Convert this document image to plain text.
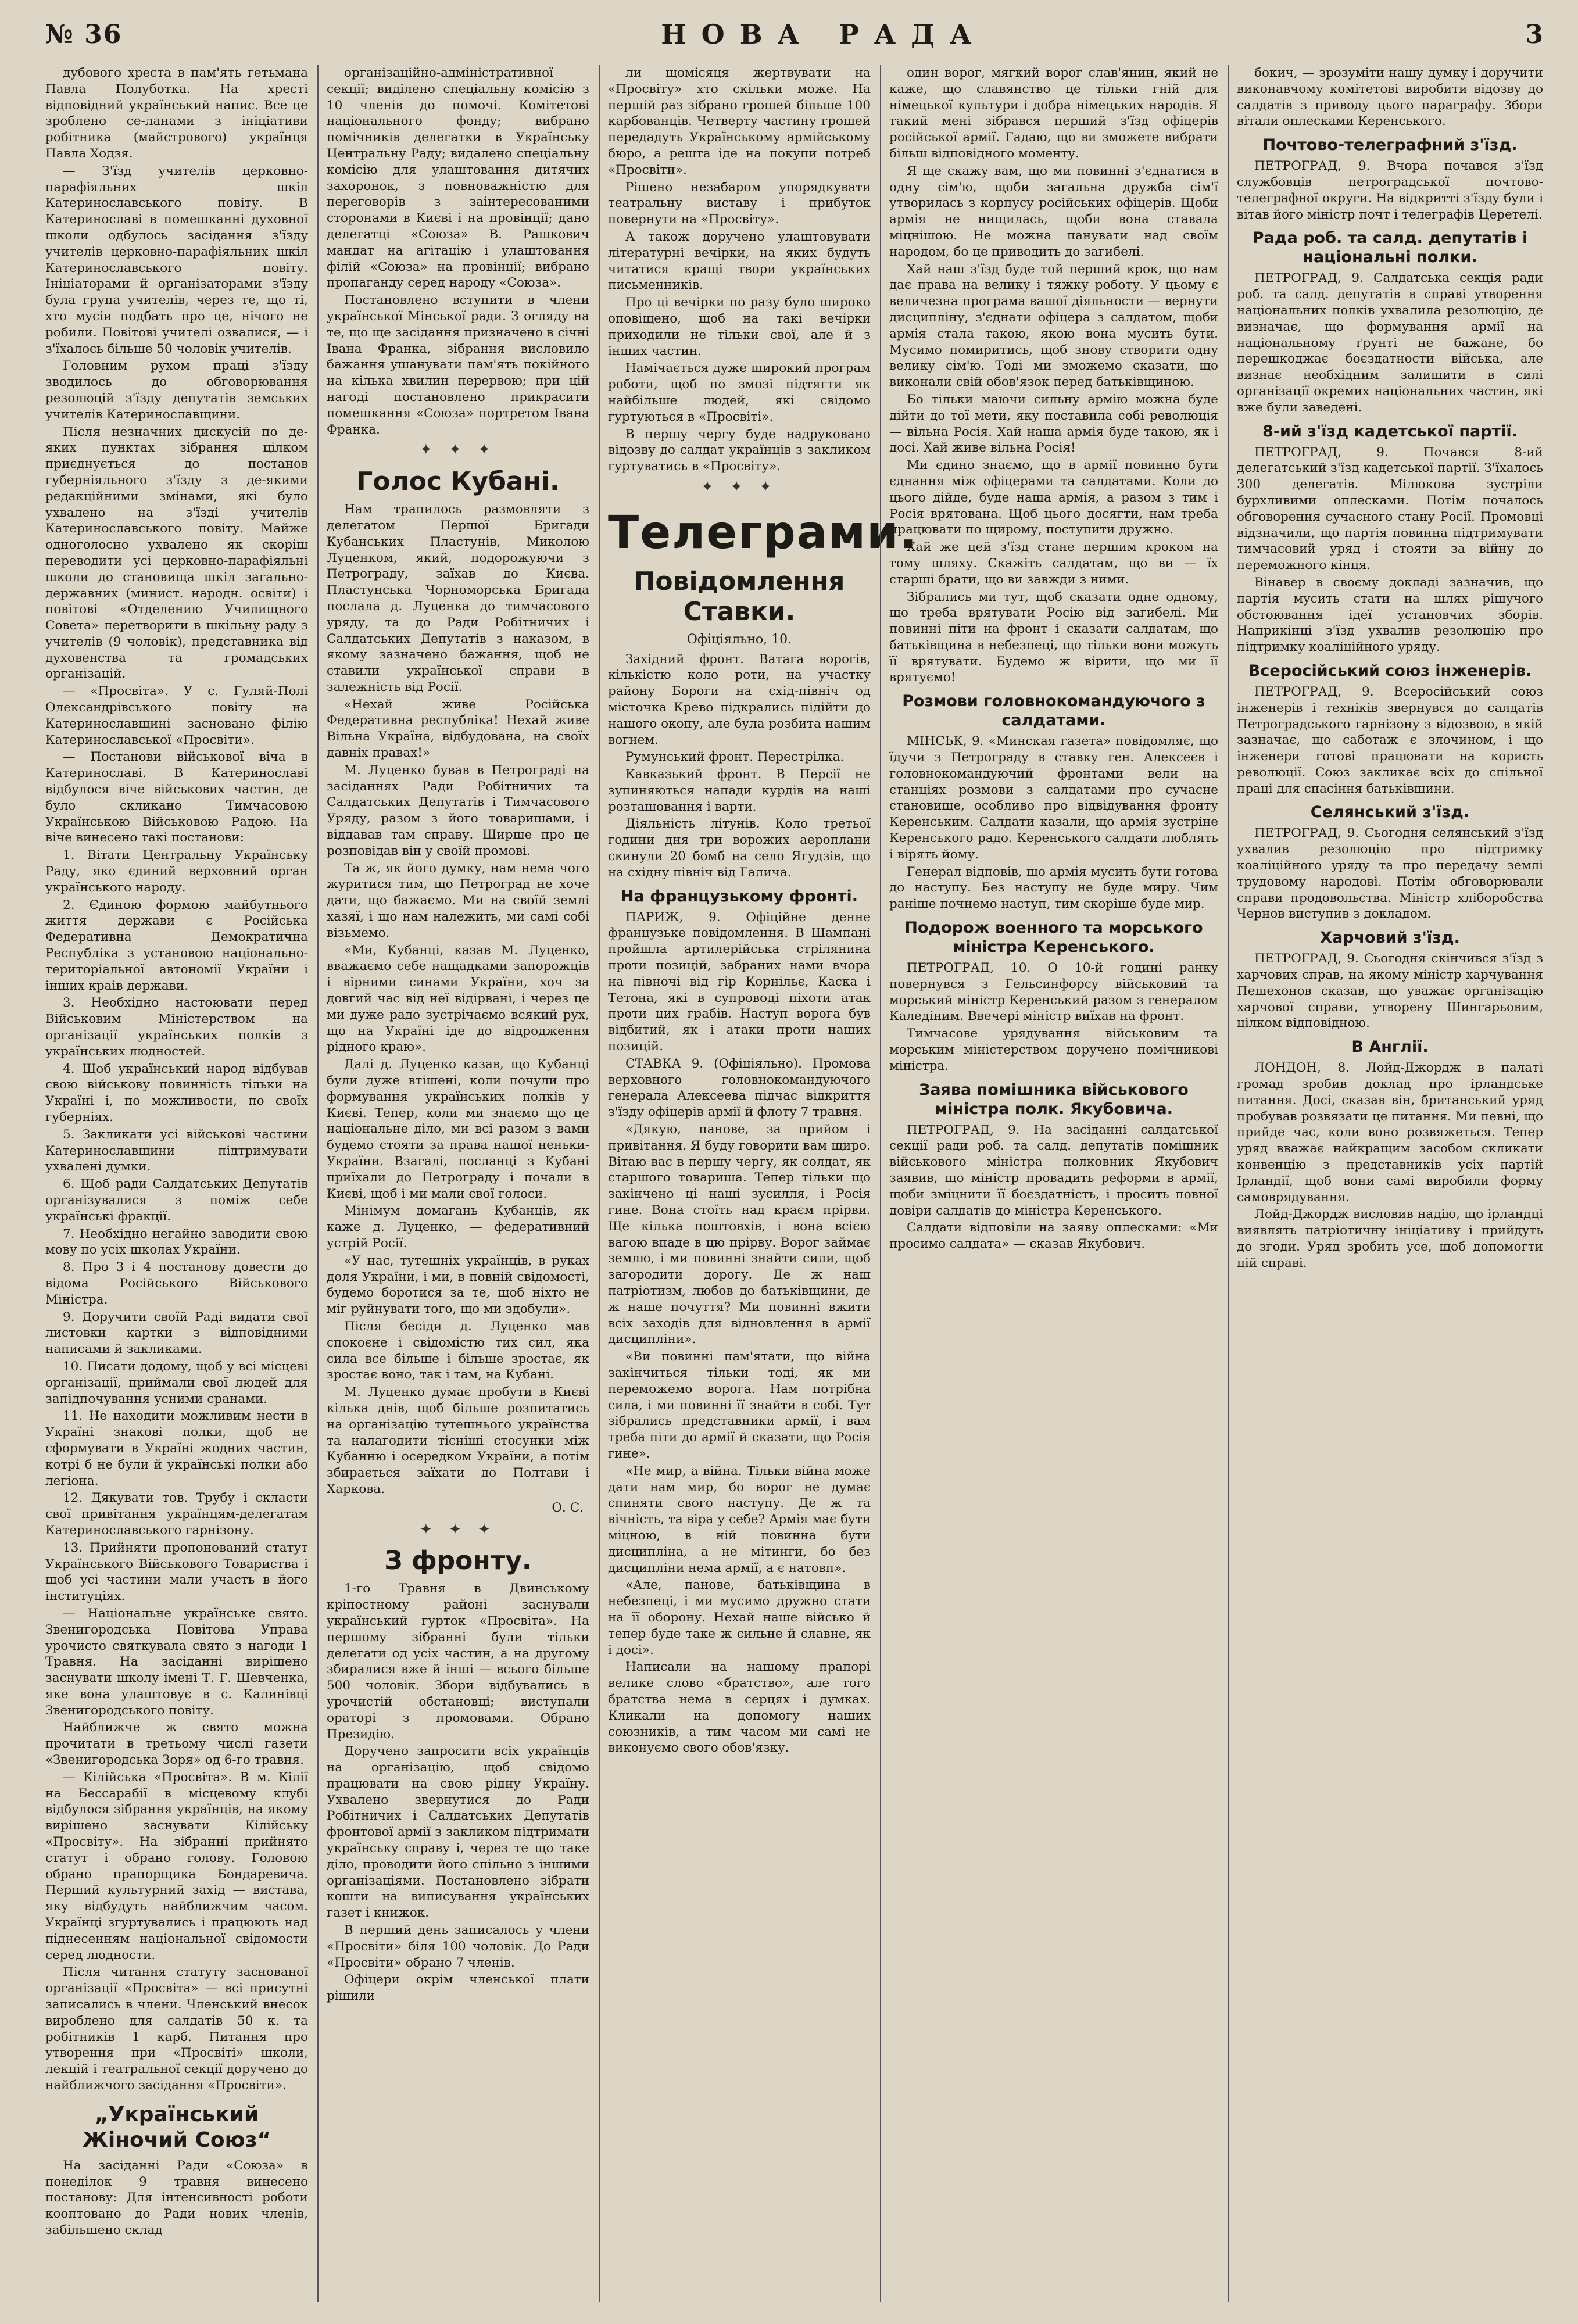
№ 36	НОВА РАДА	3

дубового хреста в пам'ять гетьмана Павла Полуботка. На хресті відповідний український напис. Все це зроблено се-ланами з ініціативи робітника (майстрового) українця Павла Ходзя.

— З'їзд учителів церковно-парафіяльних шкіл Катеринославського повіту. В Катеринославі в помешканні духовної школи одбулось засідання з'їзду учителів церковно-парафіяльних шкіл Катеринославського повіту. Ініціаторами й організаторами з'їзду була група учителів, через те, що ті, хто мусіи подбать про це, нічого не робили. Повітові учителі озвалися, — і з'їхалось більше 50 чоловік учителів.

Головним рухом праці з'їзду зводилось до обговорювання резолюцій з'їзду депутатів земських учителів Катеринославщини.

Після незначних дискусій по де-яких пунктах зібрання цілком приєднується до постанов губерніяльного з'їзду з де-якими редакційними змінами, які було ухвалено на з'їзді учителів Катеринославського повіту. Майже одноголосно ухвалено як скоріш переводити усі церковно-парафіяльні школи до становища шкіл загально-державних (минист. народн. освіти) і повітові «Отделению Училищного Совета» перетворити в шкільну раду з учителів (9 чоловік), представника від духовенства та громадських організацій.

— «Просвіта». У с. Гуляй-Полі Олександрівського повіту на Катеринославщині засновано філію Катеринославської «Просвіти».

— Постанови військової віча в Катеринославі. В Катеринославі відбулося віче військових частин, де було скликано Тимчасовою Українською Військовою Радою. На віче винесено такі постанови:

1. Вітати Центральну Українську Раду, яко єдиний верховний орган українського народу.

2. Єдиною формою майбутнього життя держави є Російська Федеративна Демократична Республіка з установою національно-територіальної автономії України і інших краів держави.

3. Необхідно настоювати перед Військовим Міністерством на організації українських полків з українських людностей.

4. Щоб український народ відбував свою військову повинність тільки на Україні і, по можливости, по своїх губерніях.

5. Закликати усі військові частини Катеринославщини підтримувати ухвалені думки.

6. Щоб ради Салдатських Депутатів організувалися з поміж себе українські фракції.

7. Необхідно негайно заводити свою мову по усіх школах України.

8. Про 3 і 4 постанову довести до відома Російського Військового Міністра.

9. Доручити своїй Раді видати свої листовки картки з відповідними написами й закликами.

10. Писати додому, щоб у всі місцеві організації, приймали свої людей для запідпочування усними сранами.

11. Не находити можливим нести в Україні знакові полки, щоб не сформувати в Україні жодних частин, котрі б не були й українські полки або легіона.

12. Дякувати тов. Трубу і скласти свої привітання українцям-делегатам Катеринославського гарнізону.

13. Прийняти пропонований статут Українського Військового Товариства і щоб усі частини мали участь в його інституціях.

— Національне українське свято. Звенигородська Повітова Управа урочисто святкувала свято з нагоди 1 Травня. На засіданні вирішено заснувати школу імені Т. Г. Шевченка, яке вона улаштовує в с. Калинівці Звенигородського повіту.

Найближче ж свято можна прочитати в третьому числі газети «Звенигородська Зоря» од 6-го травня.

— Кілійська «Просвіта». В м. Кілії на Бессарабії в місцевому клубі відбулося зібрання українців, на якому вирішено заснувати Кілійську «Просвіту». На зібранні прийнято статут і обрано голову. Головою обрано прапорщика Бондаревича. Перший культурний захід — вистава, яку відбудуть найближчим часом. Українці згуртувались і працюють над піднесенням національної свідомости серед людности.

Після читання статуту заснованої організації «Просвіта» — всі присутні записались в члени. Членський внесок вироблено для салдатів 50 к. та робітників 1 карб. Питання про утворення при «Просвіті» школи, лекцій і театральної секції доручено до найближчого засідання «Просвіти».

„Український Жіночий Союз“

На засіданні Ради «Союза» в понеділок 9 травня винесено постанову: Для інтенсивності роботи кооптовано до Ради нових членів, забільшено склад

організаційно-адміністративної секції; виділено спеціальну комісію з 10 членів до помочі. Комітетові національного фонду; вибрано помічників делегатки в Українську Центральну Раду; видалено спеціальну комісію для улаштовання дитячих захоронок, з повноважністю для переговорів з заінтересованими сторонами в Києві і на провінції; дано делегатці «Союза» В. Рашкович мандат на агітацію і улаштовання філій «Союза» на провінції; вибрано пропаганду серед народу «Союза».

Постановлено вступити в члени української Мінської ради. З огляду на те, що ще засідання призначено в січні Івана Франка, зібрання висловило бажання ушанувати пам'ять покійного на кілька хвилин перервою; при цій нагоді постановлено прикрасити помешкання «Союза» портретом Івана Франка.

✦ ✦ ✦
Голос Кубані.

Нам трапилось размовляти з делегатом Першої Бригади Кубанських Пластунів, Миколою Луценком, який, подорожуючи з Петрограду, заїхав до Києва. Пластунська Чорноморська Бригада послала д. Луценка до тимчасового уряду, та до Ради Робітничих і Салдатських Депутатів з наказом, в якому зазначено бажання, щоб не ставили української справи в залежність від Росії.

«Нехай живе Російська Федеративна республіка! Нехай живе Вільна Україна, відбудована, на своїх давніх правах!»

М. Луценко бував в Петрограді на засіданнях Ради Робітничих та Салдатських Депутатів і Тимчасового Уряду, разом з його товаришами, і віддавав там справу. Ширше про це розповідав він у своїй промові.

Та ж, як його думку, нам нема чого журитися тим, що Петроград не хоче дати, що бажаємо. Ми на своїй землі хазяї, і що нам належить, ми самі собі візьмемо.

«Ми, Кубанці, казав М. Луценко, вважаємо себе нащадками запорожців і вірними синами України, хоч за довгий час від неї відірвані, і через це ми дуже радо зустрічаємо всякий рух, що на Україні іде до відродження рідного краю».

Далі д. Луценко казав, що Кубанці були дуже втішені, коли почули про формування українських полків у Києві. Тепер, коли ми знаємо що це національне діло, ми всі разом з вами будемо стояти за права нашої неньки-України. Взагалі, посланці з Кубані приїхали до Петрограду і почали в Києві, щоб і ми мали свої голоси.

Мінімум домагань Кубанців, як каже д. Луценко, — федеративний устрій Росії.

«У нас, тутешніх українців, в руках доля України, і ми, в повній свідомості, будемо боротися за те, щоб ніхто не міг руйнувати того, що ми здобули».

Після бесіди д. Луценко мав спокоєне і свідомістю тих сил, яка сила все більше і більше зростає, як зростає воно, так і там, на Кубані.

М. Луценко думає пробути в Києві кілька днів, щоб більше розпитатись на організацію тутешнього українства та налагодити тісніші стосунки між Кубанню і осередком України, а потім збирається заїхати до Полтави і Харкова.

О. С.
✦ ✦ ✦
З фронту.

1-го Травня в Двинському кріпостному районі заснували український гурток «Просвіта». На першому зібранні були тільки делегати од усіх частин, а на другому збиралися вже й інші — всього більше 500 чоловік. Збори відбувались в урочистій обстановці; виступали ораторі з промовами. Обрано Президію.

Доручено запросити всіх українців на організацію, щоб свідомо працювати на свою рідну Україну. Ухвалено звернутися до Ради Робітничих і Салдатських Депутатів фронтової армії з закликом підтримати українську справу і, через те що таке діло, проводити його спільно з іншими організаціями. Постановлено зібрати кошти на виписування українських газет і книжок.

В перший день записалось у члени «Просвіти» біля 100 чоловік. До Ради «Просвіти» обрано 7 членів.

Офіцери окрім членської плати рішили

ли щомісяця жертвувати на «Просвіту» хто скільки може. На першій раз зібрано грошей більше 100 карбованців. Четверту частину грошей передадуть Українському армійському бюро, а решта іде на покупи потреб «Просвіти».

Рішено незабаром упорядкувати театральну виставу і прибуток повернути на «Просвіту».

А також доручено улаштовувати літературні вечірки, на яких будуть читатися кращі твори українських письменників.

Про ці вечірки по разу було широко оповіщено, щоб на такі вечірки приходили не тільки свої, але й з інших частин.

Намічається дуже широкий програм роботи, щоб по змозі підтягти як найбільше людей, які свідомо гуртуються в «Просвіті».

В першу чергу буде надруковано відозву до салдат українців з закликом гуртуватись в «Просвіту».

✦ ✦ ✦
Телеграми.
Повідомлення Ставки.
Офіціяльно, 10.

Західний фронт. Ватага ворогів, кількістю коло роти, на участку району Бороги на схід-північ од місточка Крево підкрались підійти до нашого окопу, але була розбита нашим вогнем.

Румунський фронт. Перестрілка.

Кавказький фронт. В Персії не зупиняються напади курдів на наші розташовання і варти.

Діяльність літунів. Коло третьої години дня три ворожих аероплани скинули 20 бомб на село Ягудзів, що на східну північ від Галича.

На французькому фронті.

ПАРИЖ, 9. Офіційне денне французьке повідомлення. В Шампані пройшла артилерійська стрілянина проти позицій, забраних нами вчора на півночі від гір Корнільє, Каска і Тетона, які в супроводі піхоти атак проти цих грабів. Наступ ворога був відбитий, як і атаки проти наших позицій.

СТАВКА 9. (Офіціяльно). Промова верховного головнокомандуючого генерала Алексеева підчас відкриття з'їзду офіцерів армії й флоту 7 травня.

«Дякую, панове, за прийом і привітання. Я буду говорити вам щиро. Вітаю вас в першу чергу, як солдат, як старшого товариша. Тепер тільки що закінчено ці наші зусилля, і Росія гине. Вона стоїть над краєм прірви. Ще кілька поштовхів, і вона всією вагою впаде в цю прірву. Ворог займає землю, і ми повинні знайти сили, щоб загородити дорогу. Де ж наш патріотизм, любов до батьківщини, де ж наше почуття? Ми повинні вжити всіх заходів для відновлення в армії дисципліни».

«Ви повинні пам'ятати, що війна закінчиться тільки тоді, як ми переможемо ворога. Нам потрібна сила, і ми повинні її знайти в собі. Тут зібрались представники армії, і вам треба піти до армії й сказати, що Росія гине».

«Не мир, а війна. Тільки війна може дати нам мир, бо ворог не думає спиняти свого наступу. Де ж та вічність, та віра у себе? Армія має бути міцною, в ній повинна бути дисципліна, а не мітинги, бо без дисципліни нема армії, а є натовп».

«Але, панове, батьківщина в небезпеці, і ми мусимо дружно стати на її оборону. Нехай наше військо й тепер буде таке ж сильне й славне, як і досі».

Написали на нашому прапорі велике слово «братство», але того братства нема в серцях і думках. Кликали на допомогу наших союзників, а тим часом ми самі не виконуємо свого обов'язку.

один ворог, мягкий ворог слав'янин, який не каже, що славянство це тільки гній для німецької культури і добра німецьких народів. Я такий мені зібрався перший з'їзд офіцерів російської армії. Гадаю, що ви зможете вибрати більш відповідного моменту.

Я ще скажу вам, що ми повинні з'єднатися в одну сім'ю, щоби загальна дружба сім'ї утворилась з корпусу російських офіцерів. Щоби армія не нищилась, щоби вона ставала міцнішою. Не можна панувати над своїм народом, бо це приводить до загибелі.

Хай наш з'їзд буде той перший крок, що нам дає права на велику і тяжку роботу. У цьому є величезна програма вашої діяльности — вернути дисципліну, з'єднати офіцера з салдатом, щоби армія стала такою, якою вона мусить бути. Мусимо помиритись, щоб знову створити одну велику сім'ю. Тоді ми зможемо сказати, що виконали свій обов'язок перед батьківщиною.

Бо тільки маючи сильну армію можна буде дійти до тої мети, яку поставила собі революція — вільна Росія. Хай наша армія буде такою, як і досі. Хай живе вільна Росія!

Ми єдино знаємо, що в армії повинно бути єднання між офіцерами та салдатами. Коли до цього дійде, буде наша армія, а разом з тим і Росія врятована. Щоб цього досягти, нам треба працювати по щирому, поступити дружно.

Хай же цей з'їзд стане першим кроком на тому шляху. Скажіть салдатам, що ви — їх старші брати, що ви завжди з ними.

Зібрались ми тут, щоб сказати одне одному, що треба врятувати Росію від загибелі. Ми повинні піти на фронт і сказати салдатам, що батьківщина в небезпеці, що тільки вони можуть її врятувати. Будемо ж вірити, що ми її врятуємо!

Розмови головнокомандуючого з салдатами.

МІНСЬК, 9. «Минская газета» повідомляє, що їдучи з Петрограду в ставку ген. Алексеєв і головнокомандуючий фронтами вели на станціях розмови з салдатами про сучасне становище, особливо про відвідування фронту Керенським. Салдати казали, що армія зустріне Керенського радо. Керенського салдати люблять і вірять йому.

Генерал відповів, що армія мусить бути готова до наступу. Без наступу не буде миру. Чим раніше почнемо наступ, тим скоріше буде мир.

Подорож военного та морського міністра Керенського.

ПЕТРОГРАД, 10. О 10-й годині ранку повернувся з Гельсинфорсу військовий та морський міністр Керенський разом з генералом Каледіним. Ввечері міністр виїхав на фронт.

Тимчасове урядування військовим та морським міністерством доручено помічникові міністра.

Заява помішника військового міністра полк. Якубовича.

ПЕТРОГРАД, 9. На засіданні салдатської секції ради роб. та салд. депутатів помішник військового міністра полковник Якубович заявив, що міністр провадить реформи в армії, щоби зміцнити її боєздатність, і просить повної довіри салдатів до міністра Керенського.

Салдати відповіли на заяву оплесками: «Ми просимо салдата» — сказав Якубович.

бокич, — зрозуміти нашу думку і доручити виконавчому комітетові виробити відозву до салдатів з приводу цього параграфу. Збори вітали оплесками Керенського.

Почтово-телеграфний з'їзд.

ПЕТРОГРАД, 9. Вчора почався з'їзд службовців петроградської почтово-телеграфної округи. На відкритті з'їзду були і вітав його міністр почт і телеграфів Церетелі.

Рада роб. та салд. депутатів і національні полки.

ПЕТРОГРАД, 9. Салдатська секція ради роб. та салд. депутатів в справі утворення національних полків ухвалила резолюцію, де визначає, що формування армії на національному ґрунті не бажане, бо перешкоджає боєздатности війська, але визнає необхідним залишити в силі організації окремих національних частин, які вже були заведені.

8-ий з'їзд кадетської партії.

ПЕТРОГРАД, 9. Почався 8-ий делегатський з'їзд кадетської партії. З'їхалось 300 делегатів. Мілюкова зустріли бурхливими оплесками. Потім почалось обговорення сучасного стану Росії. Промовці відзначили, що партія повинна підтримувати тимчасовий уряд і стояти за війну до переможного кінця.

Вінавер в своєму докладі зазначив, що партія мусить стати на шлях рішучого обстоювання ідеї установчих зборів. Наприкінці з'їзд ухвалив резолюцію про підтримку коаліційного уряду.

Всеросійський союз інженерів.

ПЕТРОГРАД, 9. Всеросійський союз інженерів і техніків звернувся до салдатів Петроградського гарнізону з відозвою, в якій зазначає, що саботаж є злочином, і що інженери готові працювати на користь революції. Союз закликає всіх до спільної праці для спасіння батьківщини.

Селянський з'їзд.

ПЕТРОГРАД, 9. Сьогодня селянський з'їзд ухвалив резолюцію про підтримку коаліційного уряду та про передачу землі трудовому народові. Потім обговорювали справи продовольства. Міністр хліборобства Чернов виступив з докладом.

Харчовий з'їзд.

ПЕТРОГРАД, 9. Сьогодня скінчився з'їзд з харчових справ, на якому міністр харчування Пешехонов сказав, що уважає організацію харчової справи, утворену Шингарьовим, цілком відповідною.

В Англії.

ЛОНДОН, 8. Лойд-Джордж в палаті громад зробив доклад про ірландське питання. Досі, сказав він, британський уряд пробував розвязати це питання. Ми певні, що прийде час, коли воно розвяжеться. Тепер уряд вважає найкращим засобом скликати конвенцію з представників усіх партій Ірландії, щоб вони самі виробили форму самоврядування.

Лойд-Джордж висловив надію, що ірландці виявлять патріотичну ініціативу і прийдуть до згоди. Уряд зробить усе, щоб допомогти цій справі.
